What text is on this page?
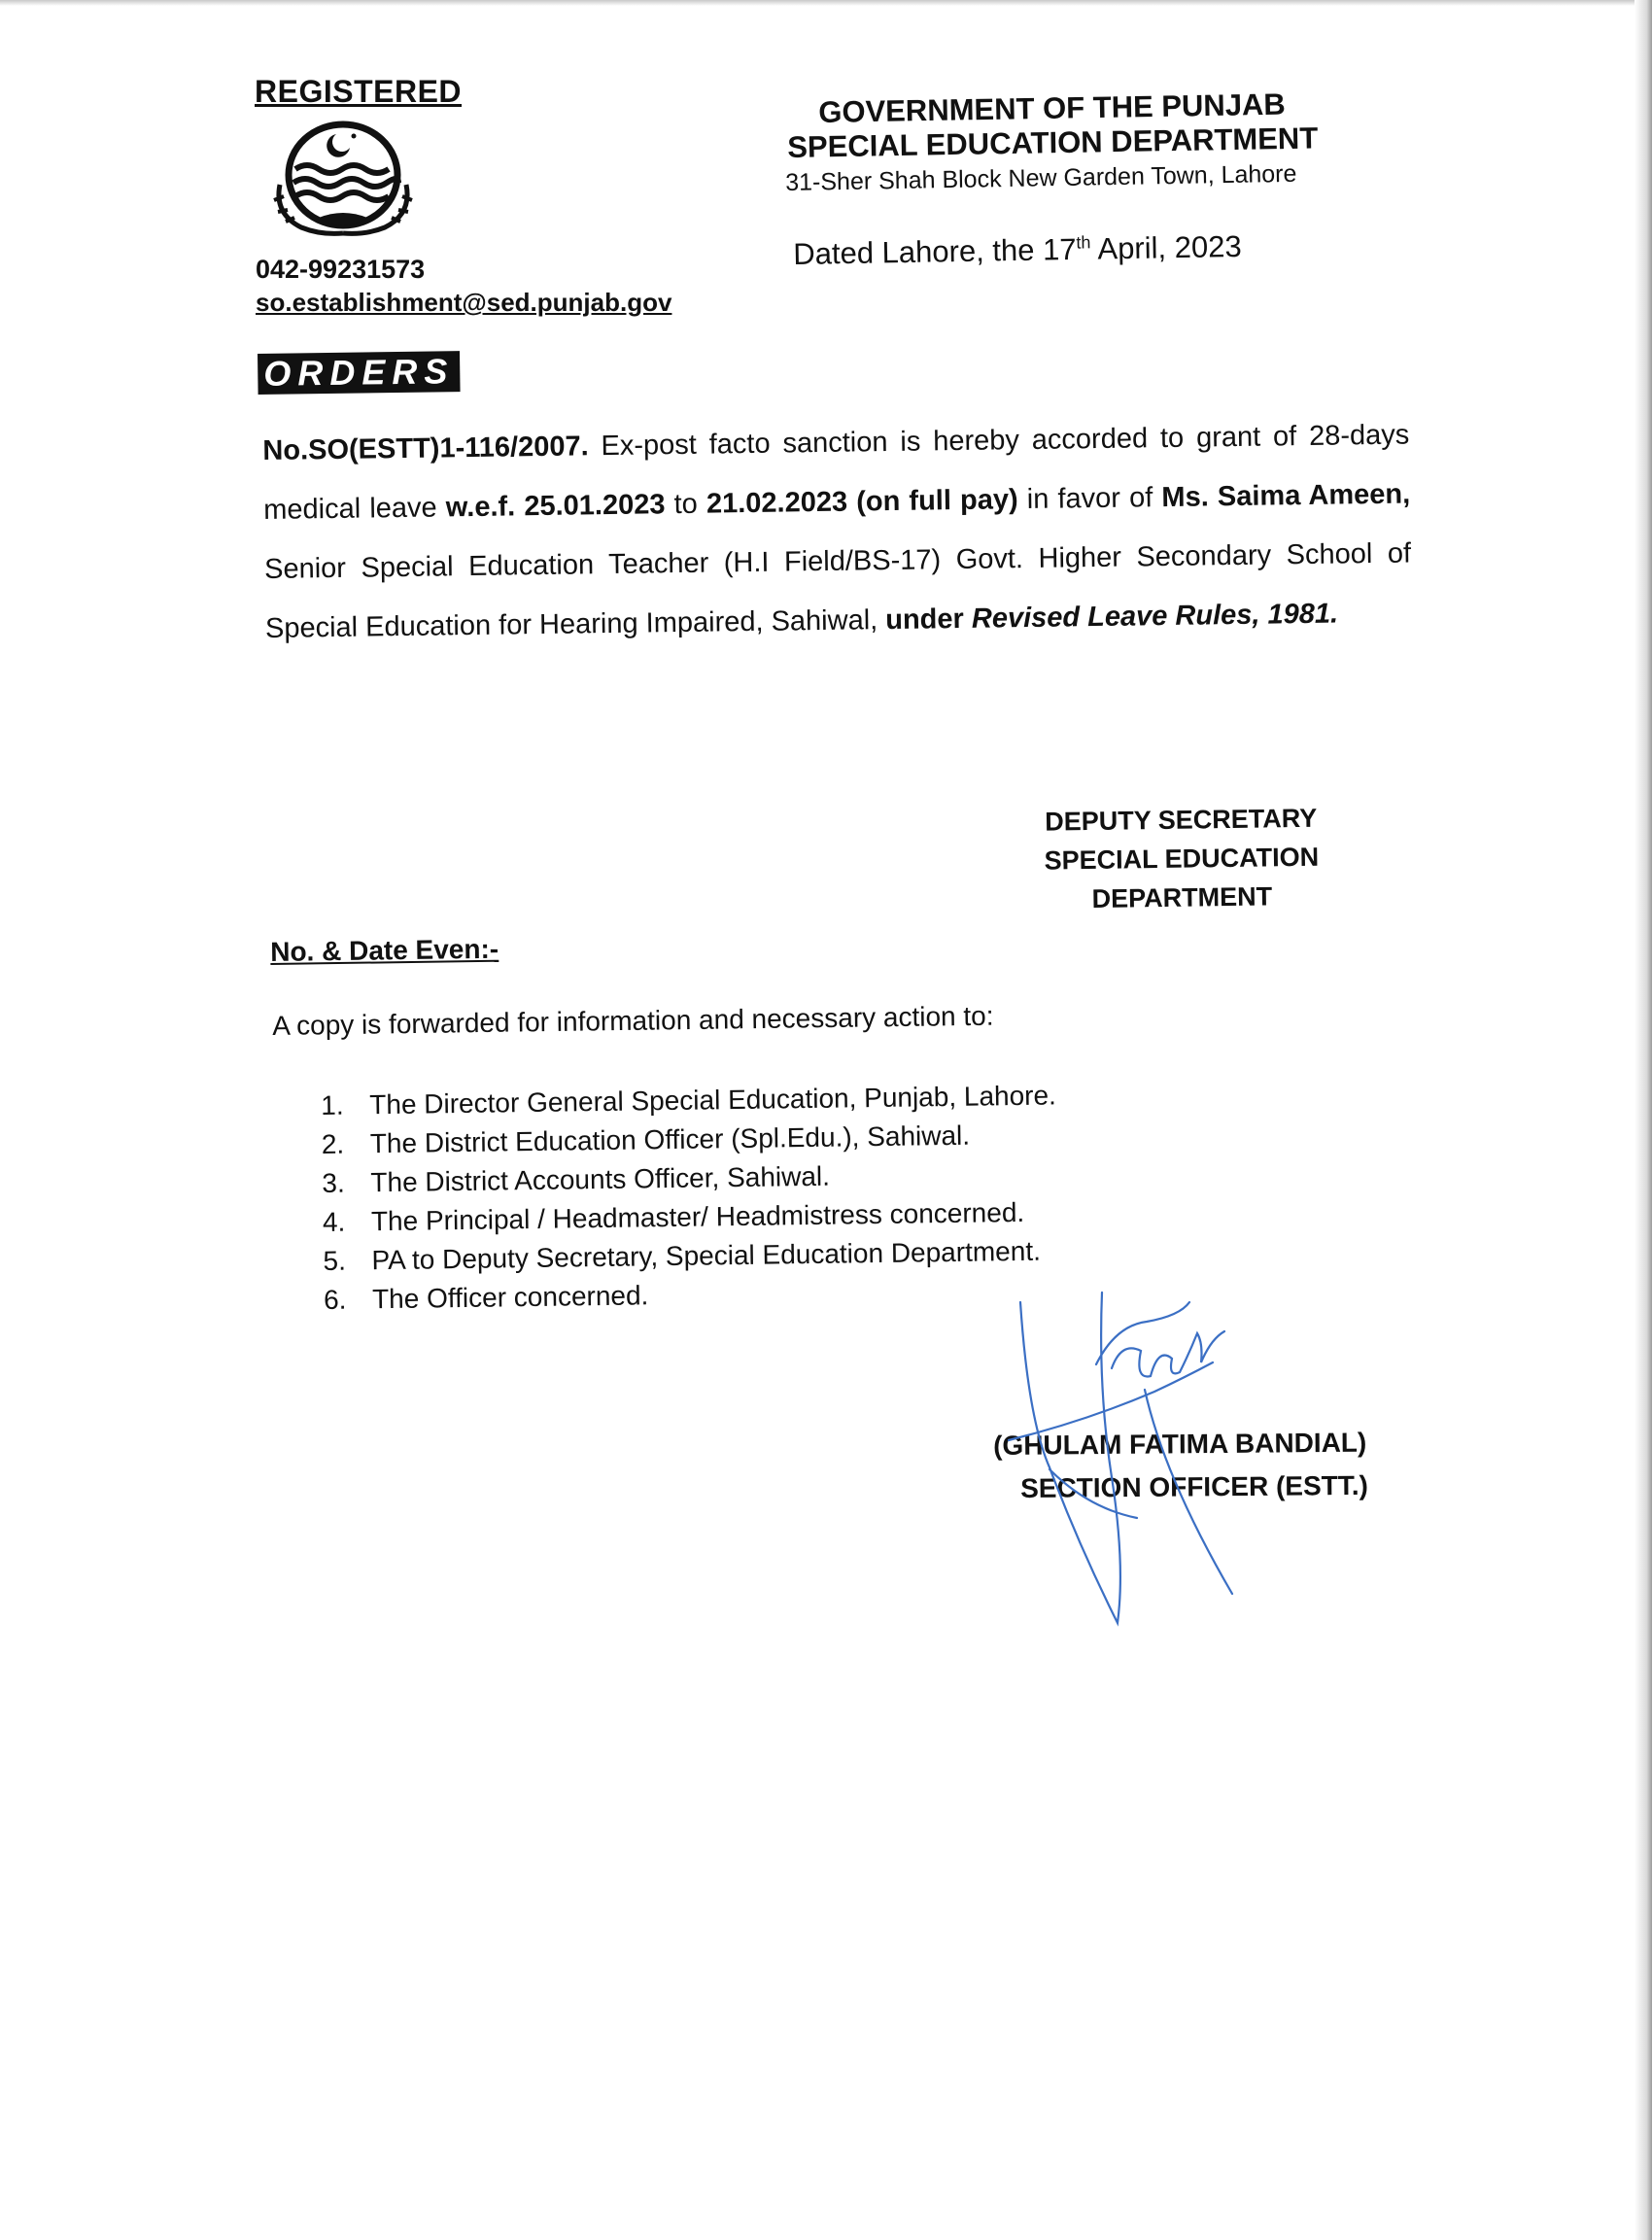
REGISTERED
042-99231573
so.establishment@sed.punjab.gov
GOVERNMENT OF THE PUNJAB
SPECIAL EDUCATION DEPARTMENT
31-Sher Shah Block New Garden Town, Lahore
Dated Lahore, the 17th April, 2023
ORDERS
No.SO(ESTT)1-116/2007. Ex-post facto sanction is hereby accorded to grant of 28-days medical leave w.e.f. 25.01.2023 to 21.02.2023 (on full pay) in favor of Ms. Saima Ameen, Senior Special Education Teacher (H.I Field/BS-17) Govt. Higher Secondary School of Special Education for Hearing Impaired, Sahiwal, under Revised Leave Rules, 1981.
DEPUTY SECRETARY
SPECIAL EDUCATION
DEPARTMENT
No. & Date Even:-
A copy is forwarded for information and necessary action to:
1. The Director General Special Education, Punjab, Lahore.
2. The District Education Officer (Spl.Edu.), Sahiwal.
3. The District Accounts Officer, Sahiwal.
4. The Principal / Headmaster/ Headmistress concerned.
5. PA to Deputy Secretary, Special Education Department.
6. The Officer concerned.
(GHULAM FATIMA BANDIAL)
SECTION OFFICER (ESTT.)
